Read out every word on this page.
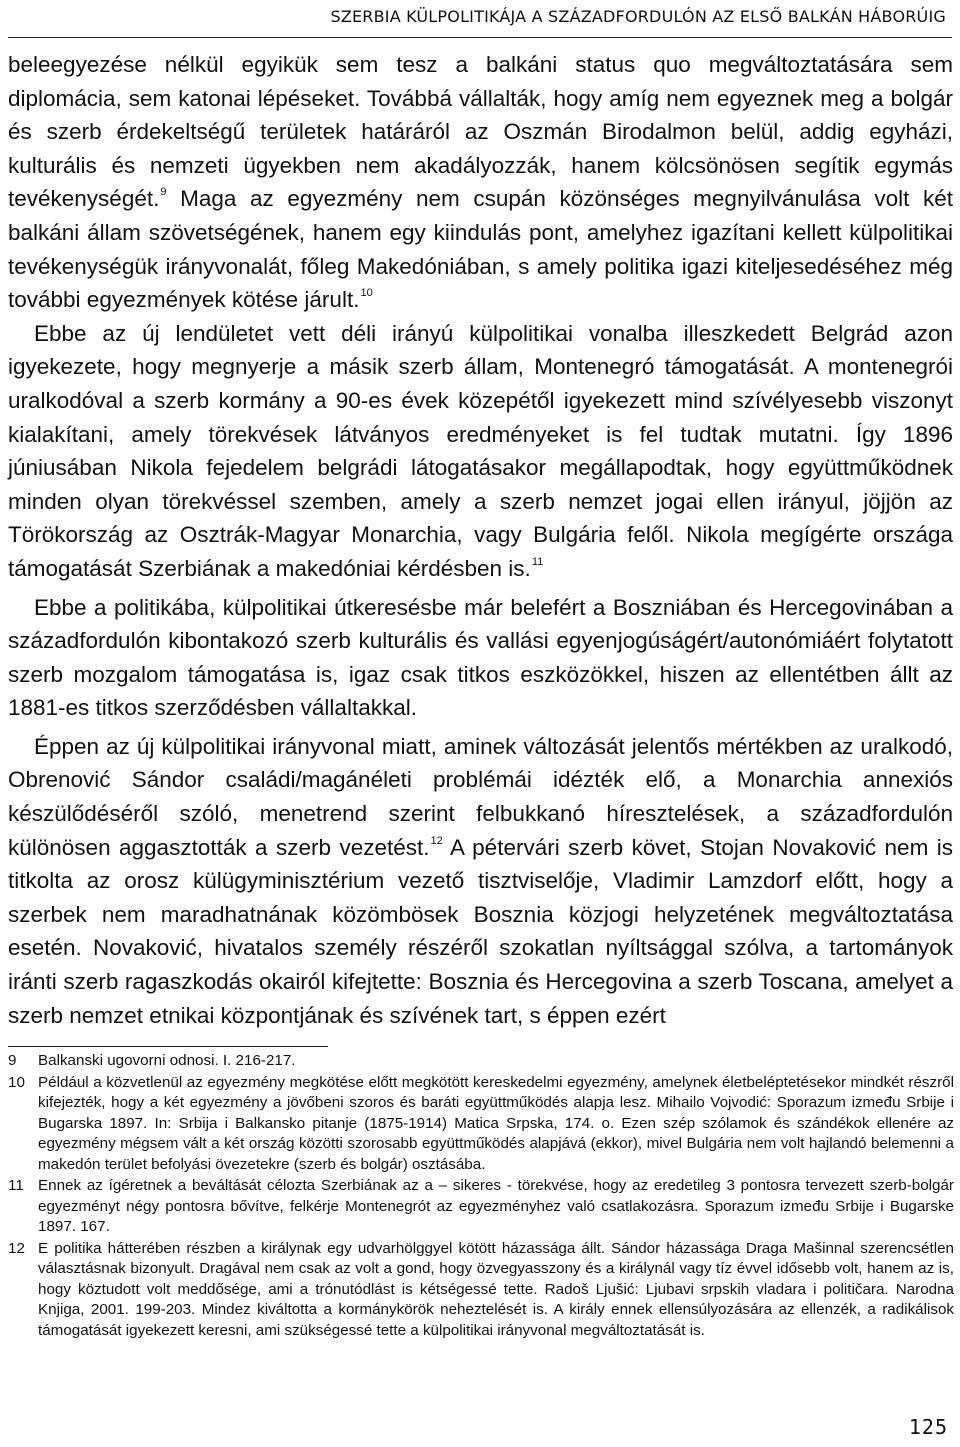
SZERBIA KÜLPOLITIKÁJA A SZÁZADFORDULÓN AZ ELSŐ BALKÁN HÁBORÚIG

beleegyezése nélkül egyikük sem tesz a balkáni status quo megváltoztatására sem diplomácia, sem katonai lépéseket. Továbbá vállalták, hogy amíg nem egyeznek meg a bolgár és szerb érdekeltségű területek határáról az Oszmán Birodalmon belül, addig egyházi, kulturális és nemzeti ügyekben nem akadályozzák, hanem kölcsönösen segítik egymás tevékenységét.$^9$ Maga az egyezmény nem csupán közönséges megnyilvánulása volt két balkáni állam szövetségének, hanem egy kiindulás pont, amelyhez igazítani kellett külpolitikai tevékenységük irányvonalát, főleg Makedóniában, s amely politika igazi kiteljesedéséhez még további egyezmények kötése járult.$^{10}$

Ebbe az új lendületet vett déli irányú külpolitikai vonalba illeszkedett Belgrád azon igyekezete, hogy megnyerje a másik szerb állam, Montenegró támogatását. A montenegrói uralkodóval a szerb kormány a 90-es évek közepétől igyekezett mind szívélyesebb viszonyt kialakítani, amely törekvések látványos eredményeket is fel tudtak mutatni. Így 1896 júniusában Nikola fejedelem belgrádi látogatásakor megállapodtak, hogy együttműködnek minden olyan törekvéssel szemben, amely a szerb nemzet jogai ellen irányul, jöjjön az Törökország az Osztrák-Magyar Monarchia, vagy Bulgária felől. Nikola megígérte országa támogatását Szerbiának a makedóniai kérdésben is.$^{11}$

Ebbe a politikába, külpolitikai útkeresésbe már belefért a Boszniában és Hercegovinában a századfordulón kibontakozó szerb kulturális és vallási egyenjogúságért/autonómiáért folytatott szerb mozgalom támogatása is, igaz csak titkos eszközökkel, hiszen az ellentétben állt az 1881-es titkos szerződésben vállaltakkal.

Éppen az új külpolitikai irányvonal miatt, aminek változását jelentős mértékben az uralkodó, Obrenović Sándor családi/magánéleti problémái idézték elő, a Monarchia annexiós készülődéséről szóló, menetrend szerint felbukkanó híresztelések, a századfordulón különösen aggasztották a szerb vezetést.$^{12}$ A pétervári szerb követ, Stojan Novaković nem is titkolta az orosz külügyminisztérium vezető tisztviselője, Vladimir Lamzdorf előtt, hogy a szerbek nem maradhatnának közömbösek Bosznia közjogi helyzetének megváltoztatása esetén. Novaković, hivatalos személy részéről szokatlan nyíltsággal szólva, a tartományok iránti szerb ragaszkodás okairól kifejtette: Bosznia és Hercegovina a szerb Toscana, amelyet a szerb nemzet etnikai központjának és szívének tart, s éppen ezért

9	Balkanski ugovorni odnosi. I. 216-217.
10 Például a közvetlenül az egyezmény megkötése előtt megkötött kereskedelmi egyezmény, amelynek életbeléptetésekor mindkét részről kifejezték, hogy a két egyezmény a jövőbeni szoros és baráti együttműködés alapja lesz. Mihailo Vojvodić: Sporazum između Srbije i Bugarska 1897. In: Srbija i Balkansko pitanje (1875-1914) Matica Srpska, 174. o. Ezen szép szólamok és szándékok ellenére az egyezmény mégsem vált a két ország közötti szorosabb együttműködés alapjává (ekkor), mivel Bulgária nem volt hajlandó belemenni a makedón terület befolyási övezetekre (szerb és bolgár) osztásába.
11 Ennek az ígéretnek a beváltását célozta Szerbiának az a – sikeres - törekvése, hogy az eredetileg 3 pontosra tervezett szerb-bolgár egyezményt négy pontosra bővítve, felkérje Montenegrót az egyezményhez való csatlakozásra. Sporazum između Srbije i Bugarske 1897. 167.
12 E politika hátterében részben a királynak egy udvarhölggyel kötött házassága állt. Sándor házassága Draga Mašinnal szerencsétlen választásnak bizonyult. Dragával nem csak az volt a gond, hogy özvegyasszony és a királynál vagy tíz évvel idősebb volt, hanem az is, hogy köztudott volt meddősége, ami a trónutódlást is kétségessé tette. Radoš Ljušić: Ljubavi srpskih vladara i političara. Narodna Knjiga, 2001. 199-203. Mindez kiváltotta a kormánykörök neheztelését is. A király ennek ellensúlyozására az ellenzék, a radikálisok támogatását igyekezett keresni, ami szükségessé tette a külpolitikai irányvonal megváltoztatását is.
125
